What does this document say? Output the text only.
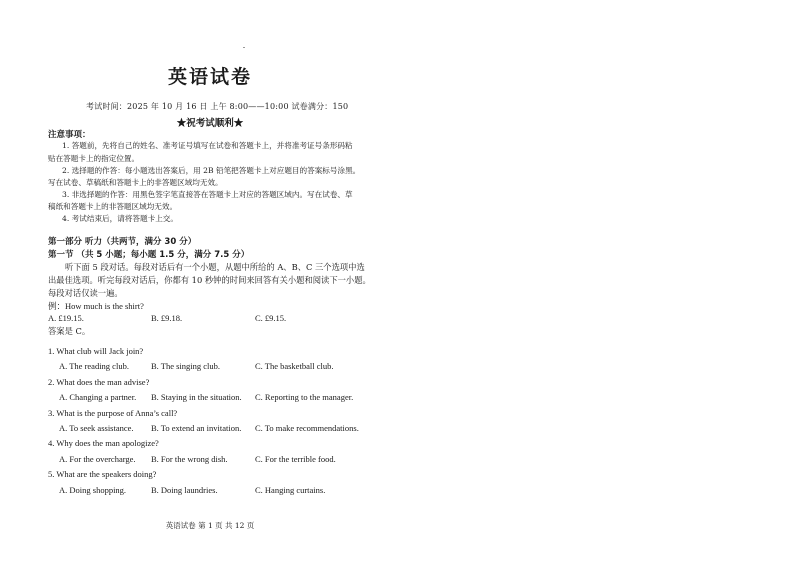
英语试卷
考试时间：2025 年 10 月 16 日 上午 8:00——10:00 试卷满分：150
★祝考试顺利★
注意事项：
1. 答题前，先将自己的姓名、准考证号填写在试卷和答题卡上，并将准考证号条形码粘
贴在答题卡上的指定位置。
2. 选择题的作答：每小题选出答案后，用 2B 铅笔把答题卡上对应题目的答案标号涂黑。
写在试卷、草稿纸和答题卡上的非答题区域均无效。
3. 非选择题的作答：用黑色签字笔直接答在答题卡上对应的答题区域内。写在试卷、草
稿纸和答题卡上的非答题区域均无效。
4. 考试结束后，请将答题卡上交。
第一部分 听力（共两节，满分 30 分）
第一节 （共 5 小题；每小题 1.5 分，满分 7.5 分）
听下面 5 段对话。每段对话后有一个小题，从题中所给的 A、B、C 三个选项中选
出最佳选项。听完每段对话后，你都有 10 秒钟的时间来回答有关小题和阅读下一小题。
每段对话仅读一遍。
例：How much is the shirt?
A. £19.15.	B. £9.18.	C. £9.15.
答案是 C。
1. What club will Jack join?
A. The reading club.	B. The singing club.	C. The basketball club.
2. What does the man advise?
A. Changing a partner. B. Staying in the situation. C. Reporting to the manager.
3. What is the purpose of Anna’s call?
A. To seek assistance. B. To extend an invitation. C. To make recommendations.
4. Why does the man apologize?
A. For the overcharge. B. For the wrong dish.	C. For the terrible food.
5. What are the speakers doing?
A. Doing shopping.	B. Doing laundries.	C. Hanging curtains.
英语试卷 第 1 页 共 12 页
